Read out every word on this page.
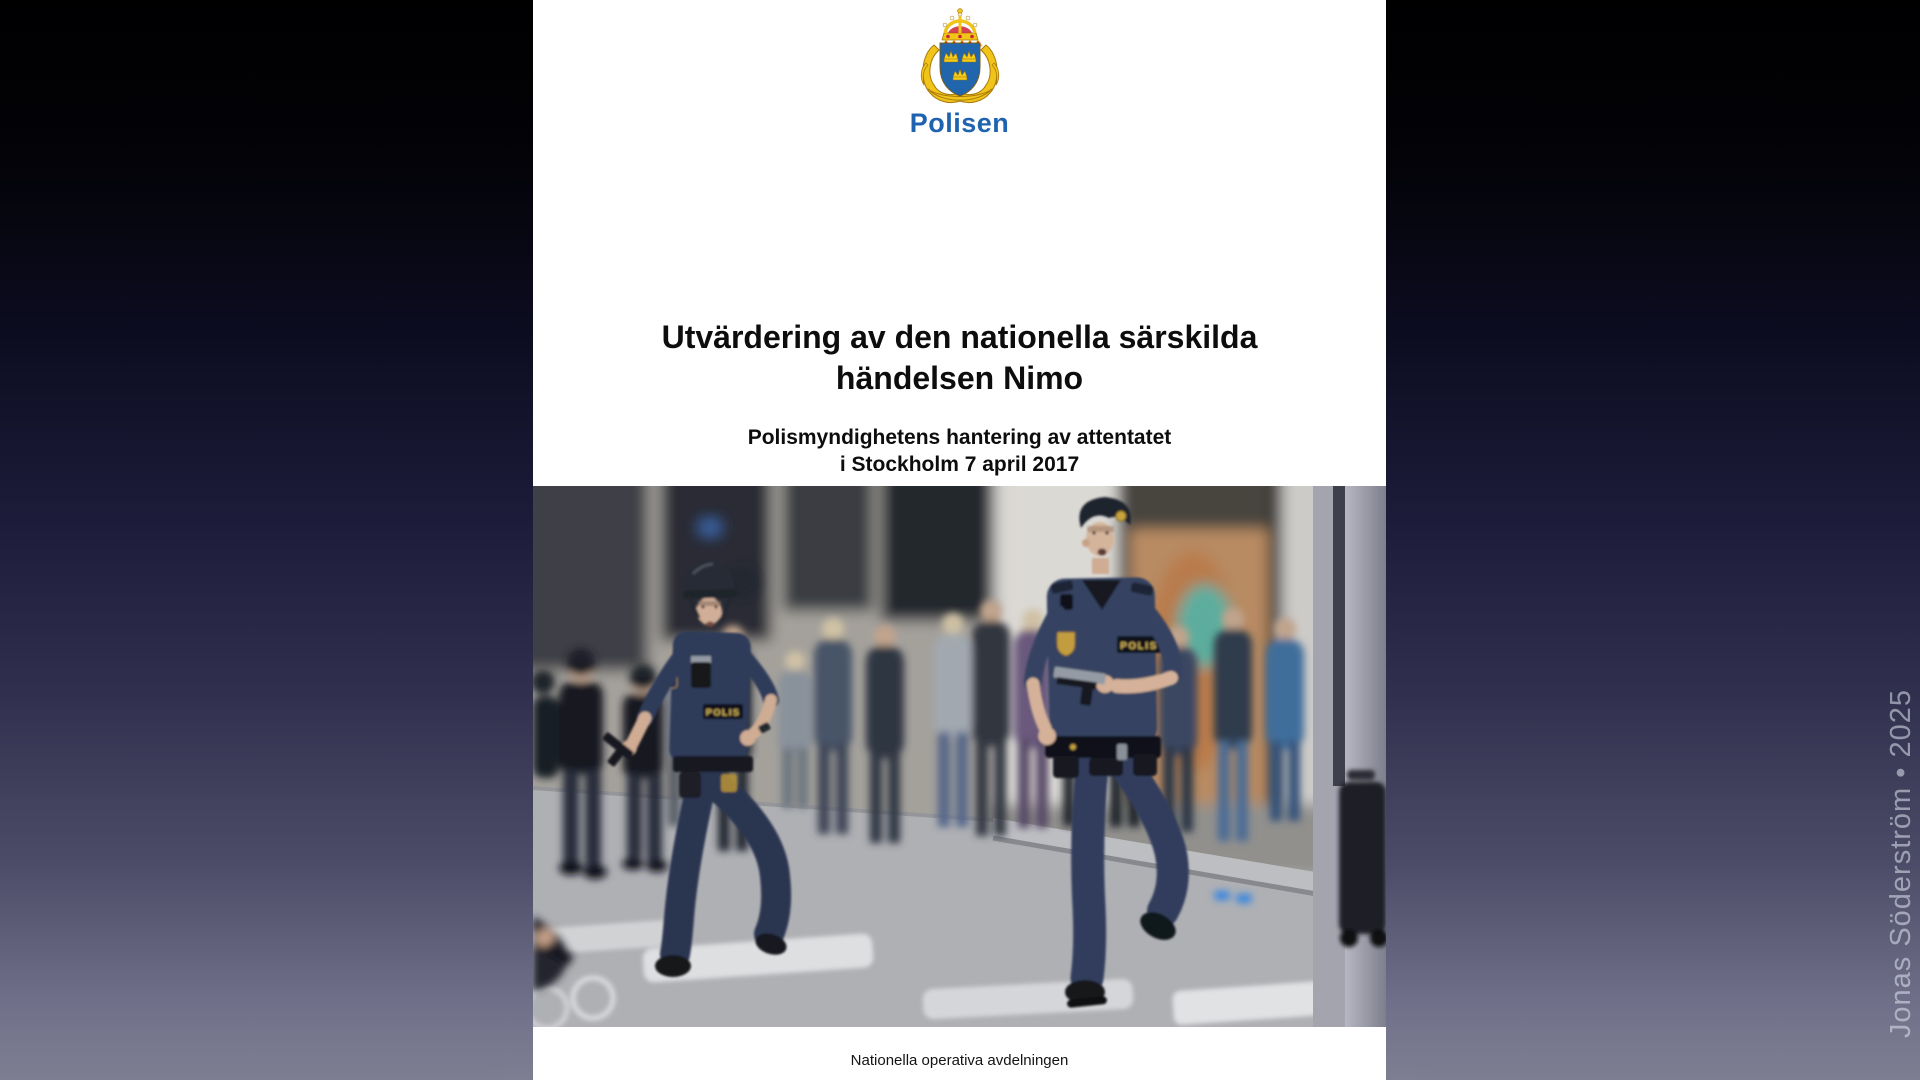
Polisen
Utvärdering av den nationella särskilda
händelsen Nimo
Polismyndighetens hantering av attentatet
i Stockholm 7 april 2017
POLIS
POLIS
Nationella operativa avdelningen
Jonas Söderström • 2025
